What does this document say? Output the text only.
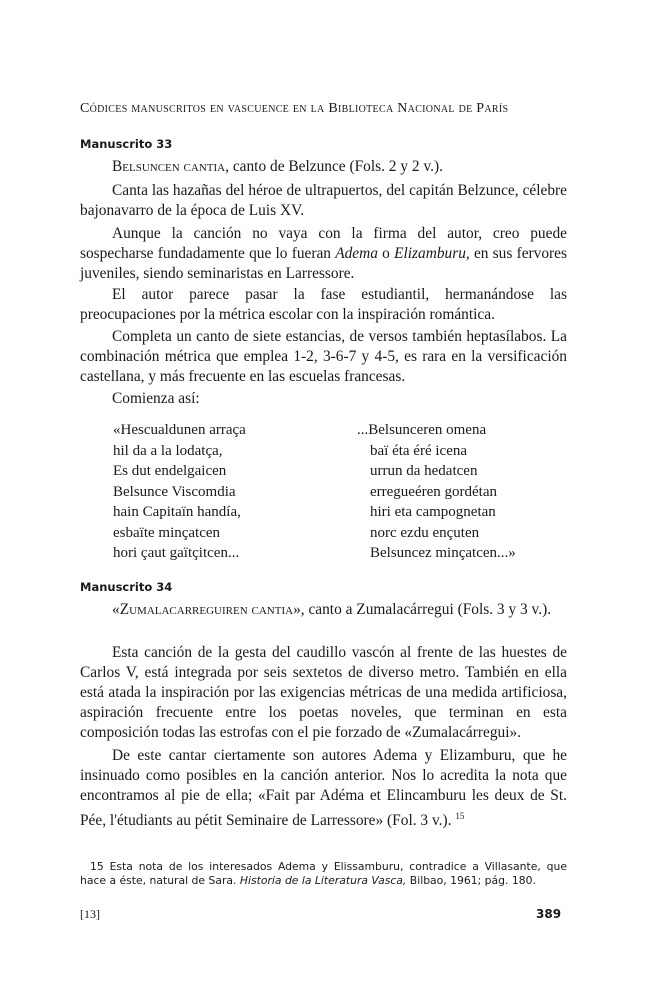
Códices manuscritos en vascuence en la Biblioteca Nacional de París
Manuscrito 33
Belsuncen cantia, canto de Belzunce (Fols. 2 y 2 v.).
Canta las hazañas del héroe de ultrapuertos, del capitán Belzunce, célebre bajonavarro de la época de Luis XV.
Aunque la canción no vaya con la firma del autor, creo puede sospecharse fundadamente que lo fueran Adema o Elizamburu, en sus fervores juveniles, siendo seminaristas en Larressore.
El autor parece pasar la fase estudiantil, hermanándose las preocupaciones por la métrica escolar con la inspiración romántica.
Completa un canto de siete estancias, de versos también heptasílabos. La combinación métrica que emplea 1-2, 3-6-7 y 4-5, es rara en la versificación castellana, y más frecuente en las escuelas francesas.
Comienza así:
«Hescualdunen arraça
hil da a la lodatça,
Es dut endelgaicen
Belsunce Viscomdia
hain Capitaïn handía,
esbaïte minçatcen
hori çaut gaïtçitcen...
...Belsunceren omena
baï éta éré icena
urrun da hedatcen
erregueéren gordétan
hiri eta campognetan
norc ezdu ençuten
Belsuncez minçatcen...»
Manuscrito 34
«Zumalacarreguiren cantia», canto a Zumalacárregui (Fols. 3 y 3 v.).
Esta canción de la gesta del caudillo vascón al frente de las huestes de Carlos V, está integrada por seis sextetos de diverso metro. También en ella está atada la inspiración por las exigencias métricas de una medida artificiosa, aspiración frecuente entre los poetas noveles, que terminan en esta composición todas las estrofas con el pie forzado de «Zumalacárregui».
De este cantar ciertamente son autores Adema y Elizamburu, que he insinuado como posibles en la canción anterior. Nos lo acredita la nota que encontramos al pie de ella; «Fait par Adéma et Elincamburu les deux de St. Pée, l'étudiants au pétit Seminaire de Larressore» (Fol. 3 v.). $^{15}$
15 Esta nota de los interesados Adema y Elissamburu, contradice a Villasante, que hace a éste, natural de Sara. Historia de la Literatura Vasca, Bilbao, 1961; pág. 180.
[13]	389
